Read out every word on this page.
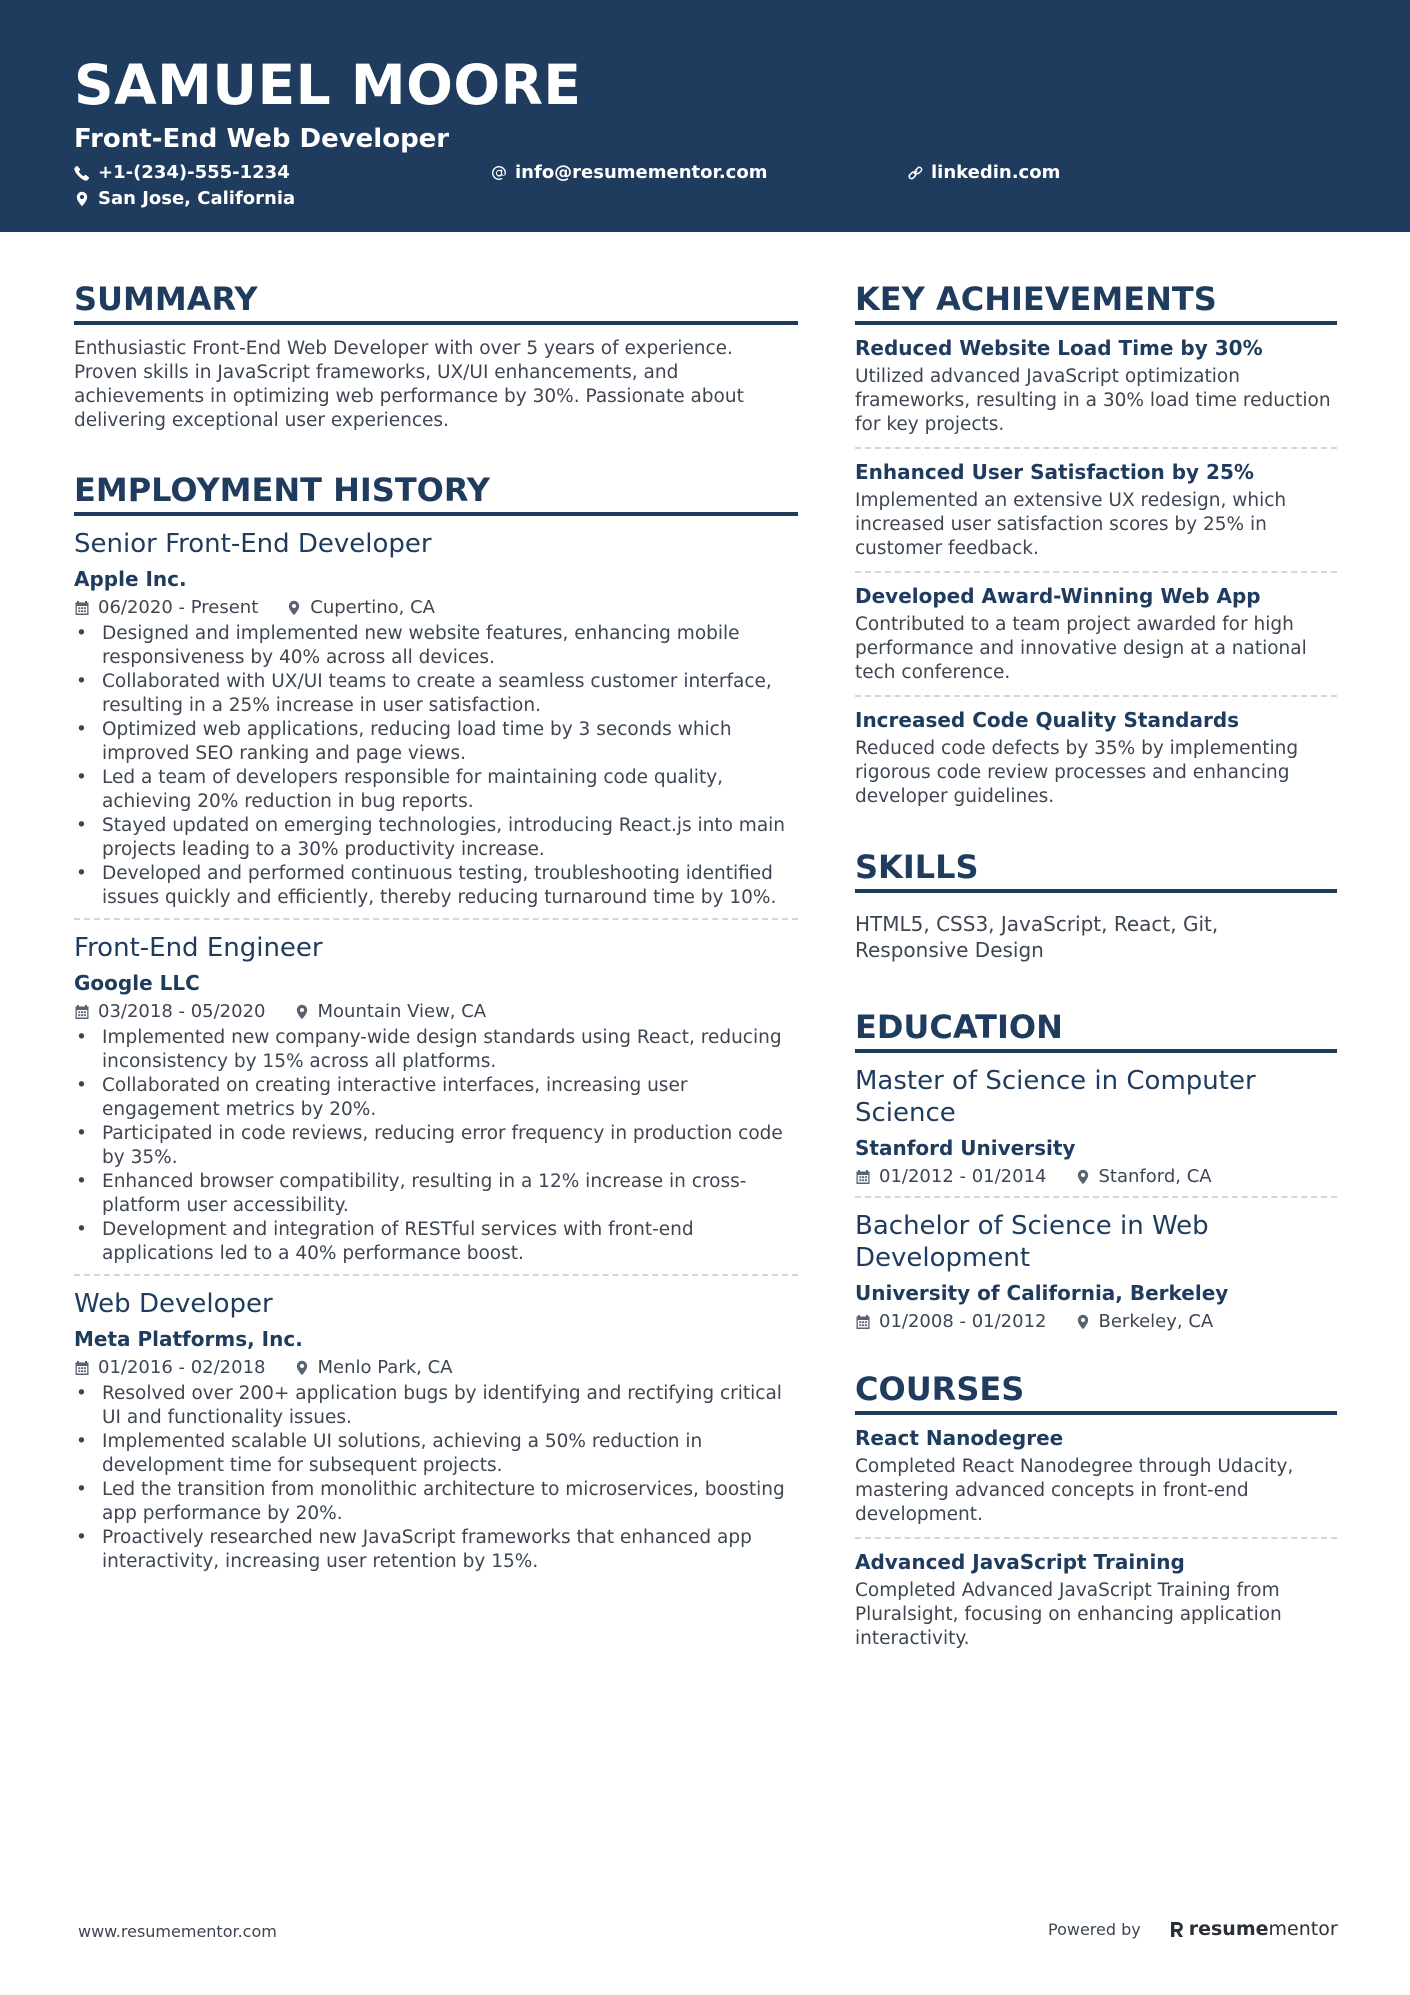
SAMUEL MOORE
Front-End Web Developer
+1-(234)-555-1234	info@resumementor.com	linkedin.com
San Jose, California
SUMMARY
Enthusiastic Front-End Web Developer with over 5 years of experience. Proven skills in JavaScript frameworks, UX/UI enhancements, and achievements in optimizing web performance by 30%. Passionate about delivering exceptional user experiences.
EMPLOYMENT HISTORY
Senior Front-End Developer
Apple Inc.
06/2020 - Present	Cupertino, CA
• Designed and implemented new website features, enhancing mobile responsiveness by 40% across all devices.
• Collaborated with UX/UI teams to create a seamless customer interface, resulting in a 25% increase in user satisfaction.
• Optimized web applications, reducing load time by 3 seconds which improved SEO ranking and page views.
• Led a team of developers responsible for maintaining code quality, achieving 20% reduction in bug reports.
• Stayed updated on emerging technologies, introducing React.js into main projects leading to a 30% productivity increase.
• Developed and performed continuous testing, troubleshooting identified issues quickly and efficiently, thereby reducing turnaround time by 10%.
Front-End Engineer
Google LLC
03/2018 - 05/2020	Mountain View, CA
• Implemented new company-wide design standards using React, reducing inconsistency by 15% across all platforms.
• Collaborated on creating interactive interfaces, increasing user engagement metrics by 20%.
• Participated in code reviews, reducing error frequency in production code by 35%.
• Enhanced browser compatibility, resulting in a 12% increase in cross-platform user accessibility.
• Development and integration of RESTful services with front-end applications led to a 40% performance boost.
Web Developer
Meta Platforms, Inc.
01/2016 - 02/2018	Menlo Park, CA
• Resolved over 200+ application bugs by identifying and rectifying critical UI and functionality issues.
• Implemented scalable UI solutions, achieving a 50% reduction in development time for subsequent projects.
• Led the transition from monolithic architecture to microservices, boosting app performance by 20%.
• Proactively researched new JavaScript frameworks that enhanced app interactivity, increasing user retention by 15%.
KEY ACHIEVEMENTS
Reduced Website Load Time by 30%
Utilized advanced JavaScript optimization frameworks, resulting in a 30% load time reduction for key projects.
Enhanced User Satisfaction by 25%
Implemented an extensive UX redesign, which increased user satisfaction scores by 25% in customer feedback.
Developed Award-Winning Web App
Contributed to a team project awarded for high performance and innovative design at a national tech conference.
Increased Code Quality Standards
Reduced code defects by 35% by implementing rigorous code review processes and enhancing developer guidelines.
SKILLS
HTML5, CSS3, JavaScript, React, Git, Responsive Design
EDUCATION
Master of Science in Computer Science
Stanford University
01/2012 - 01/2014	Stanford, CA
Bachelor of Science in Web Development
University of California, Berkeley
01/2008 - 01/2012	Berkeley, CA
COURSES
React Nanodegree
Completed React Nanodegree through Udacity, mastering advanced concepts in front-end development.
Advanced JavaScript Training
Completed Advanced JavaScript Training from Pluralsight, focusing on enhancing application interactivity.
www.resumementor.com	Powered by	resume mentor
